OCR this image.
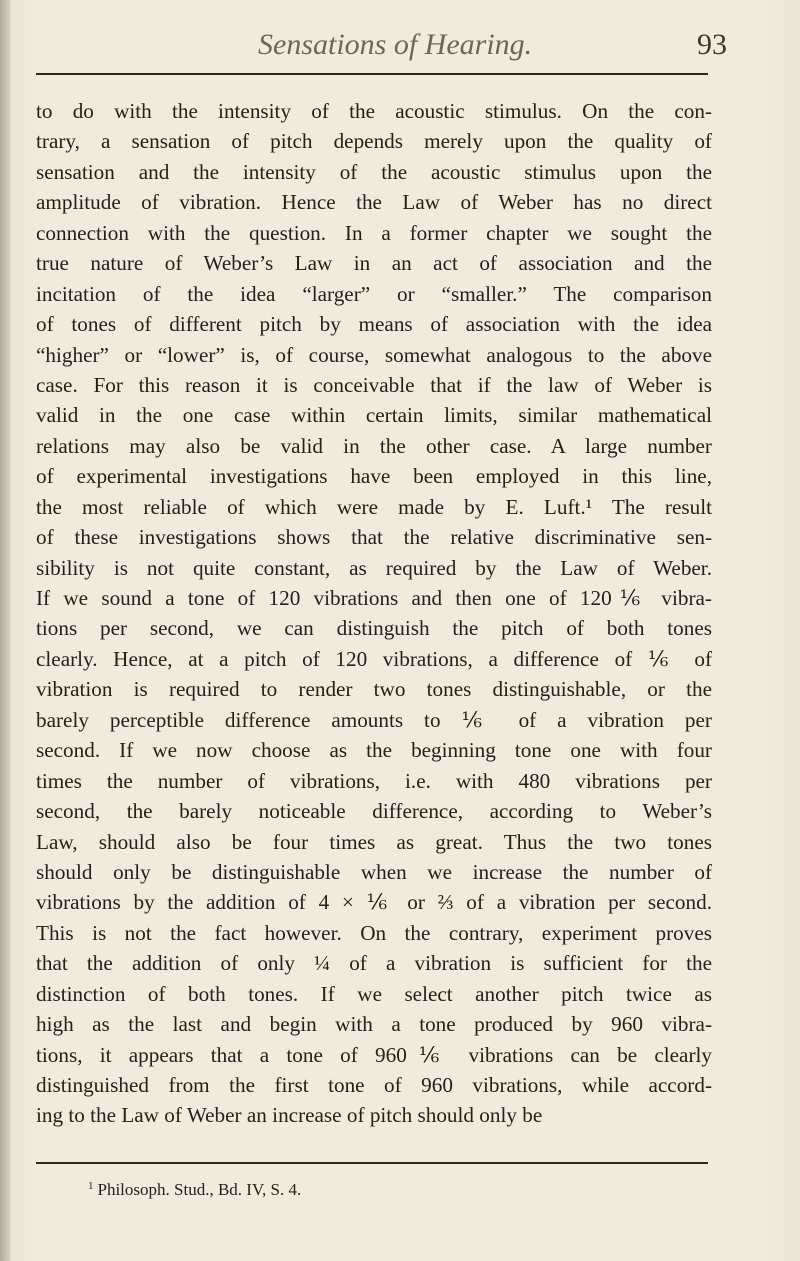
Sensations of Hearing.	93
to do with the intensity of the acoustic stimulus. On the con-
trary, a sensation of pitch depends merely upon the quality of
sensation and the intensity of the acoustic stimulus upon the
amplitude of vibration. Hence the Law of Weber has no direct
connection with the question. In a former chapter we sought the
true nature of Weber’s Law in an act of association and the
incitation of the idea “larger” or “smaller.” The comparison
of tones of different pitch by means of association with the idea
“higher” or “lower” is, of course, somewhat analogous to the above
case. For this reason it is conceivable that if the law of Weber is
valid in the one case within certain limits, similar mathematical
relations may also be valid in the other case. A large number
of experimental investigations have been employed in this line,
the most reliable of which were made by E. Luft.¹ The result
of these investigations shows that the relative discriminative sen-
sibility is not quite constant, as required by the Law of Weber.
If we sound a tone of 120 vibrations and then one of 120⅙ vibra-
tions per second, we can distinguish the pitch of both tones
clearly. Hence, at a pitch of 120 vibrations, a difference of ⅙ of
vibration is required to render two tones distinguishable, or the
barely perceptible difference amounts to ⅙ of a vibration per
second. If we now choose as the beginning tone one with four
times the number of vibrations, i.e. with 480 vibrations per
second, the barely noticeable difference, according to Weber’s
Law, should also be four times as great. Thus the two tones
should only be distinguishable when we increase the number of
vibrations by the addition of 4 × ⅙ or ⅔ of a vibration per second.
This is not the fact however. On the contrary, experiment proves
that the addition of only ¼ of a vibration is sufficient for the
distinction of both tones. If we select another pitch twice as
high as the last and begin with a tone produced by 960 vibra-
tions, it appears that a tone of 960⅙ vibrations can be clearly
distinguished from the first tone of 960 vibrations, while accord-
ing to the Law of Weber an increase of pitch should only be
$^1$ Philosoph. Stud., Bd. IV, S. 4.
